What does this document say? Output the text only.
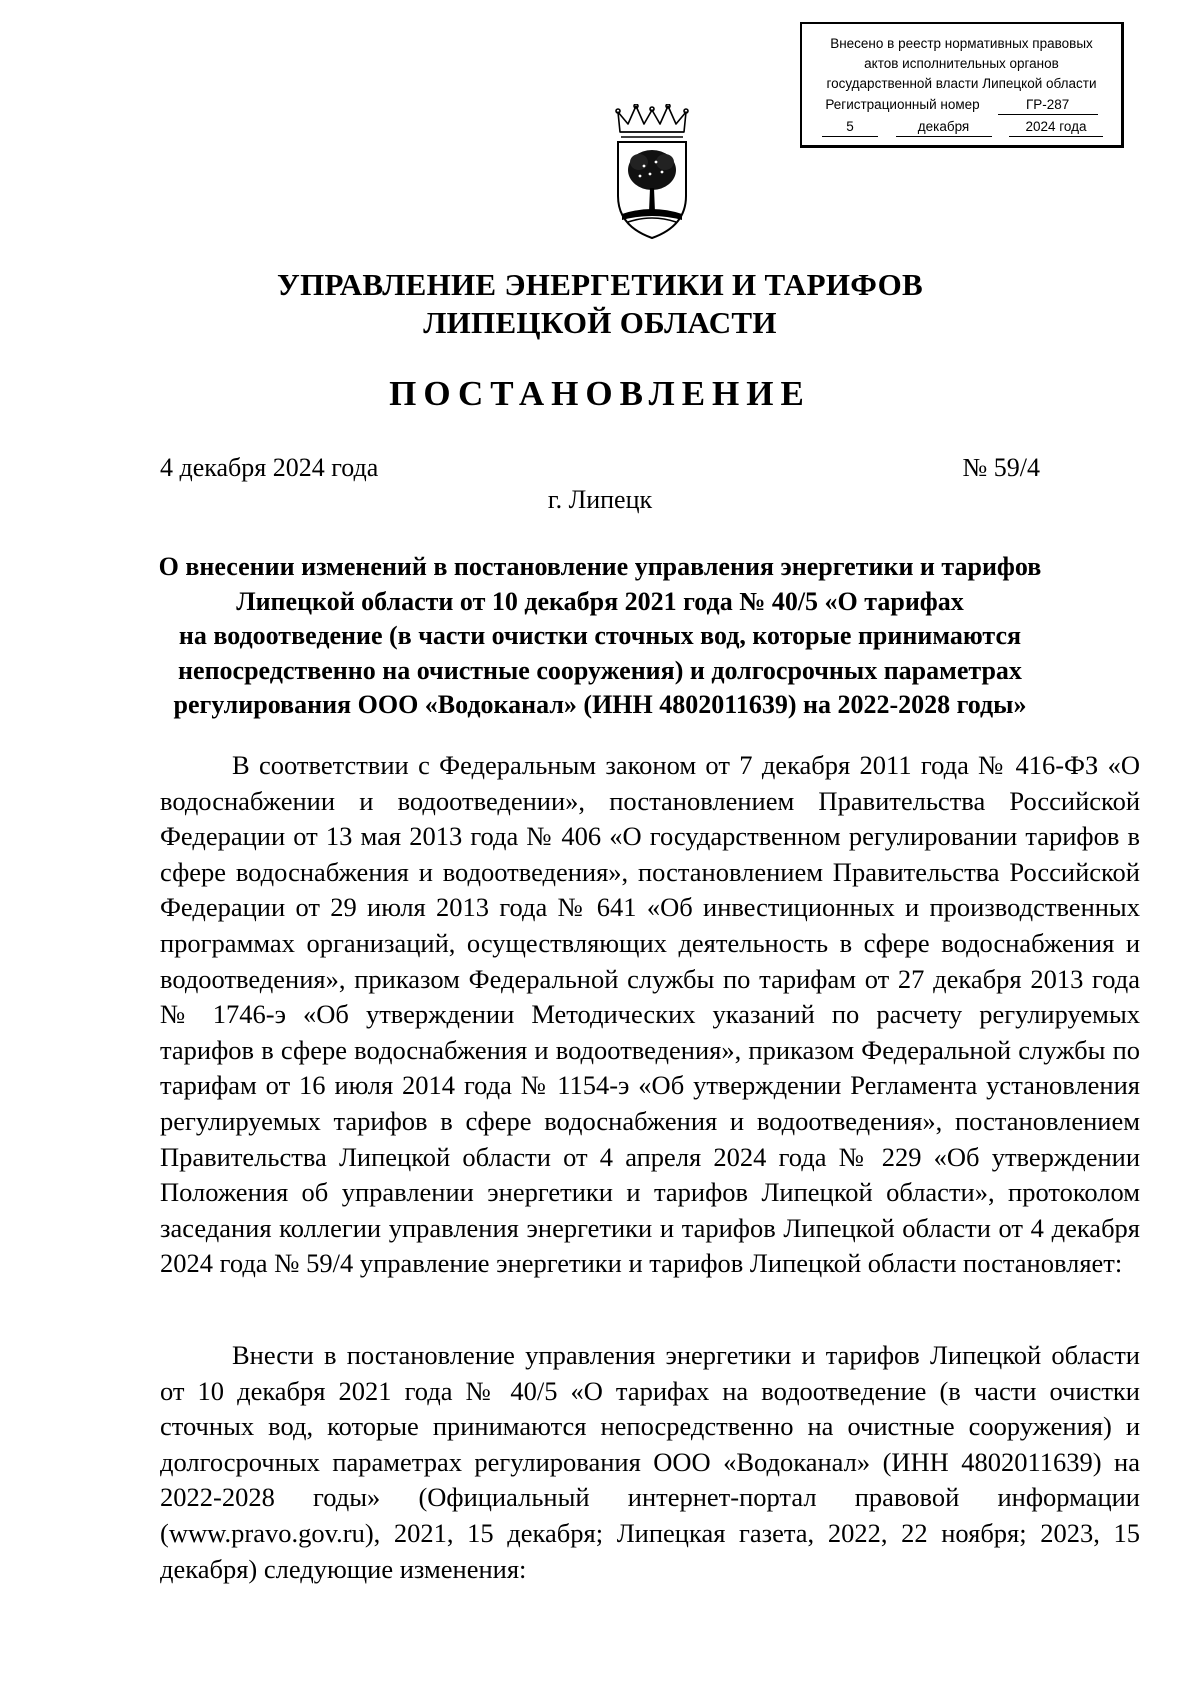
Внесено в реестр нормативных правовых
актов исполнительных органов
государственной власти Липецкой области
Регистрационный номер	ГР-287
5	декабря	2024 года
УПРАВЛЕНИЕ ЭНЕРГЕТИКИ И ТАРИФОВ
ЛИПЕЦКОЙ ОБЛАСТИ
ПОСТАНОВЛЕНИЕ
4 декабря 2024 года	№ 59/4
г. Липецк
О внесении изменений в постановление управления энергетики и тарифов
Липецкой области от 10 декабря 2021 года № 40/5 «О тарифах
на водоотведение (в части очистки сточных вод, которые принимаются
непосредственно на очистные сооружения) и долгосрочных параметрах
регулирования ООО «Водоканал» (ИНН 4802011639) на 2022-2028 годы»

В соответствии с Федеральным законом от 7 декабря 2011 года № 416-ФЗ «О водоснабжении и водоотведении», постановлением Правительства Российской Федерации от 13 мая 2013 года № 406 «О государственном регулировании тарифов в сфере водоснабжения и водоотведения», постановлением Правительства Российской Федерации от 29 июля 2013 года № 641 «Об инвестиционных и производственных программах организаций, осуществляющих деятельность в сфере водоснабжения и водоотведения», приказом Федеральной службы по тарифам от 27 декабря 2013 года № 1746-э «Об утверждении Методических указаний по расчету регулируемых тарифов в сфере водоснабжения и водоотведения», приказом Федеральной службы по тарифам от 16 июля 2014 года № 1154-э «Об утверждении Регламента установления регулируемых тарифов в сфере водоснабжения и водоотведения», постановлением Правительства Липецкой области от 4 апреля 2024 года № 229 «Об утверждении Положения об управлении энергетики и тарифов Липецкой области», протоколом заседания коллегии управления энергетики и тарифов Липецкой области от 4 декабря 2024 года № 59/4 управление энергетики и тарифов Липецкой области постановляет:

Внести в постановление управления энергетики и тарифов Липецкой области от 10 декабря 2021 года № 40/5 «О тарифах на водоотведение (в части очистки сточных вод, которые принимаются непосредственно на очистные сооружения) и долгосрочных параметрах регулирования ООО «Водоканал» (ИНН 4802011639) на 2022-2028 годы» (Официальный интернет-портал правовой информации (www.pravo.gov.ru), 2021, 15 декабря; Липецкая газета, 2022, 22 ноября; 2023, 15 декабря) следующие изменения:
